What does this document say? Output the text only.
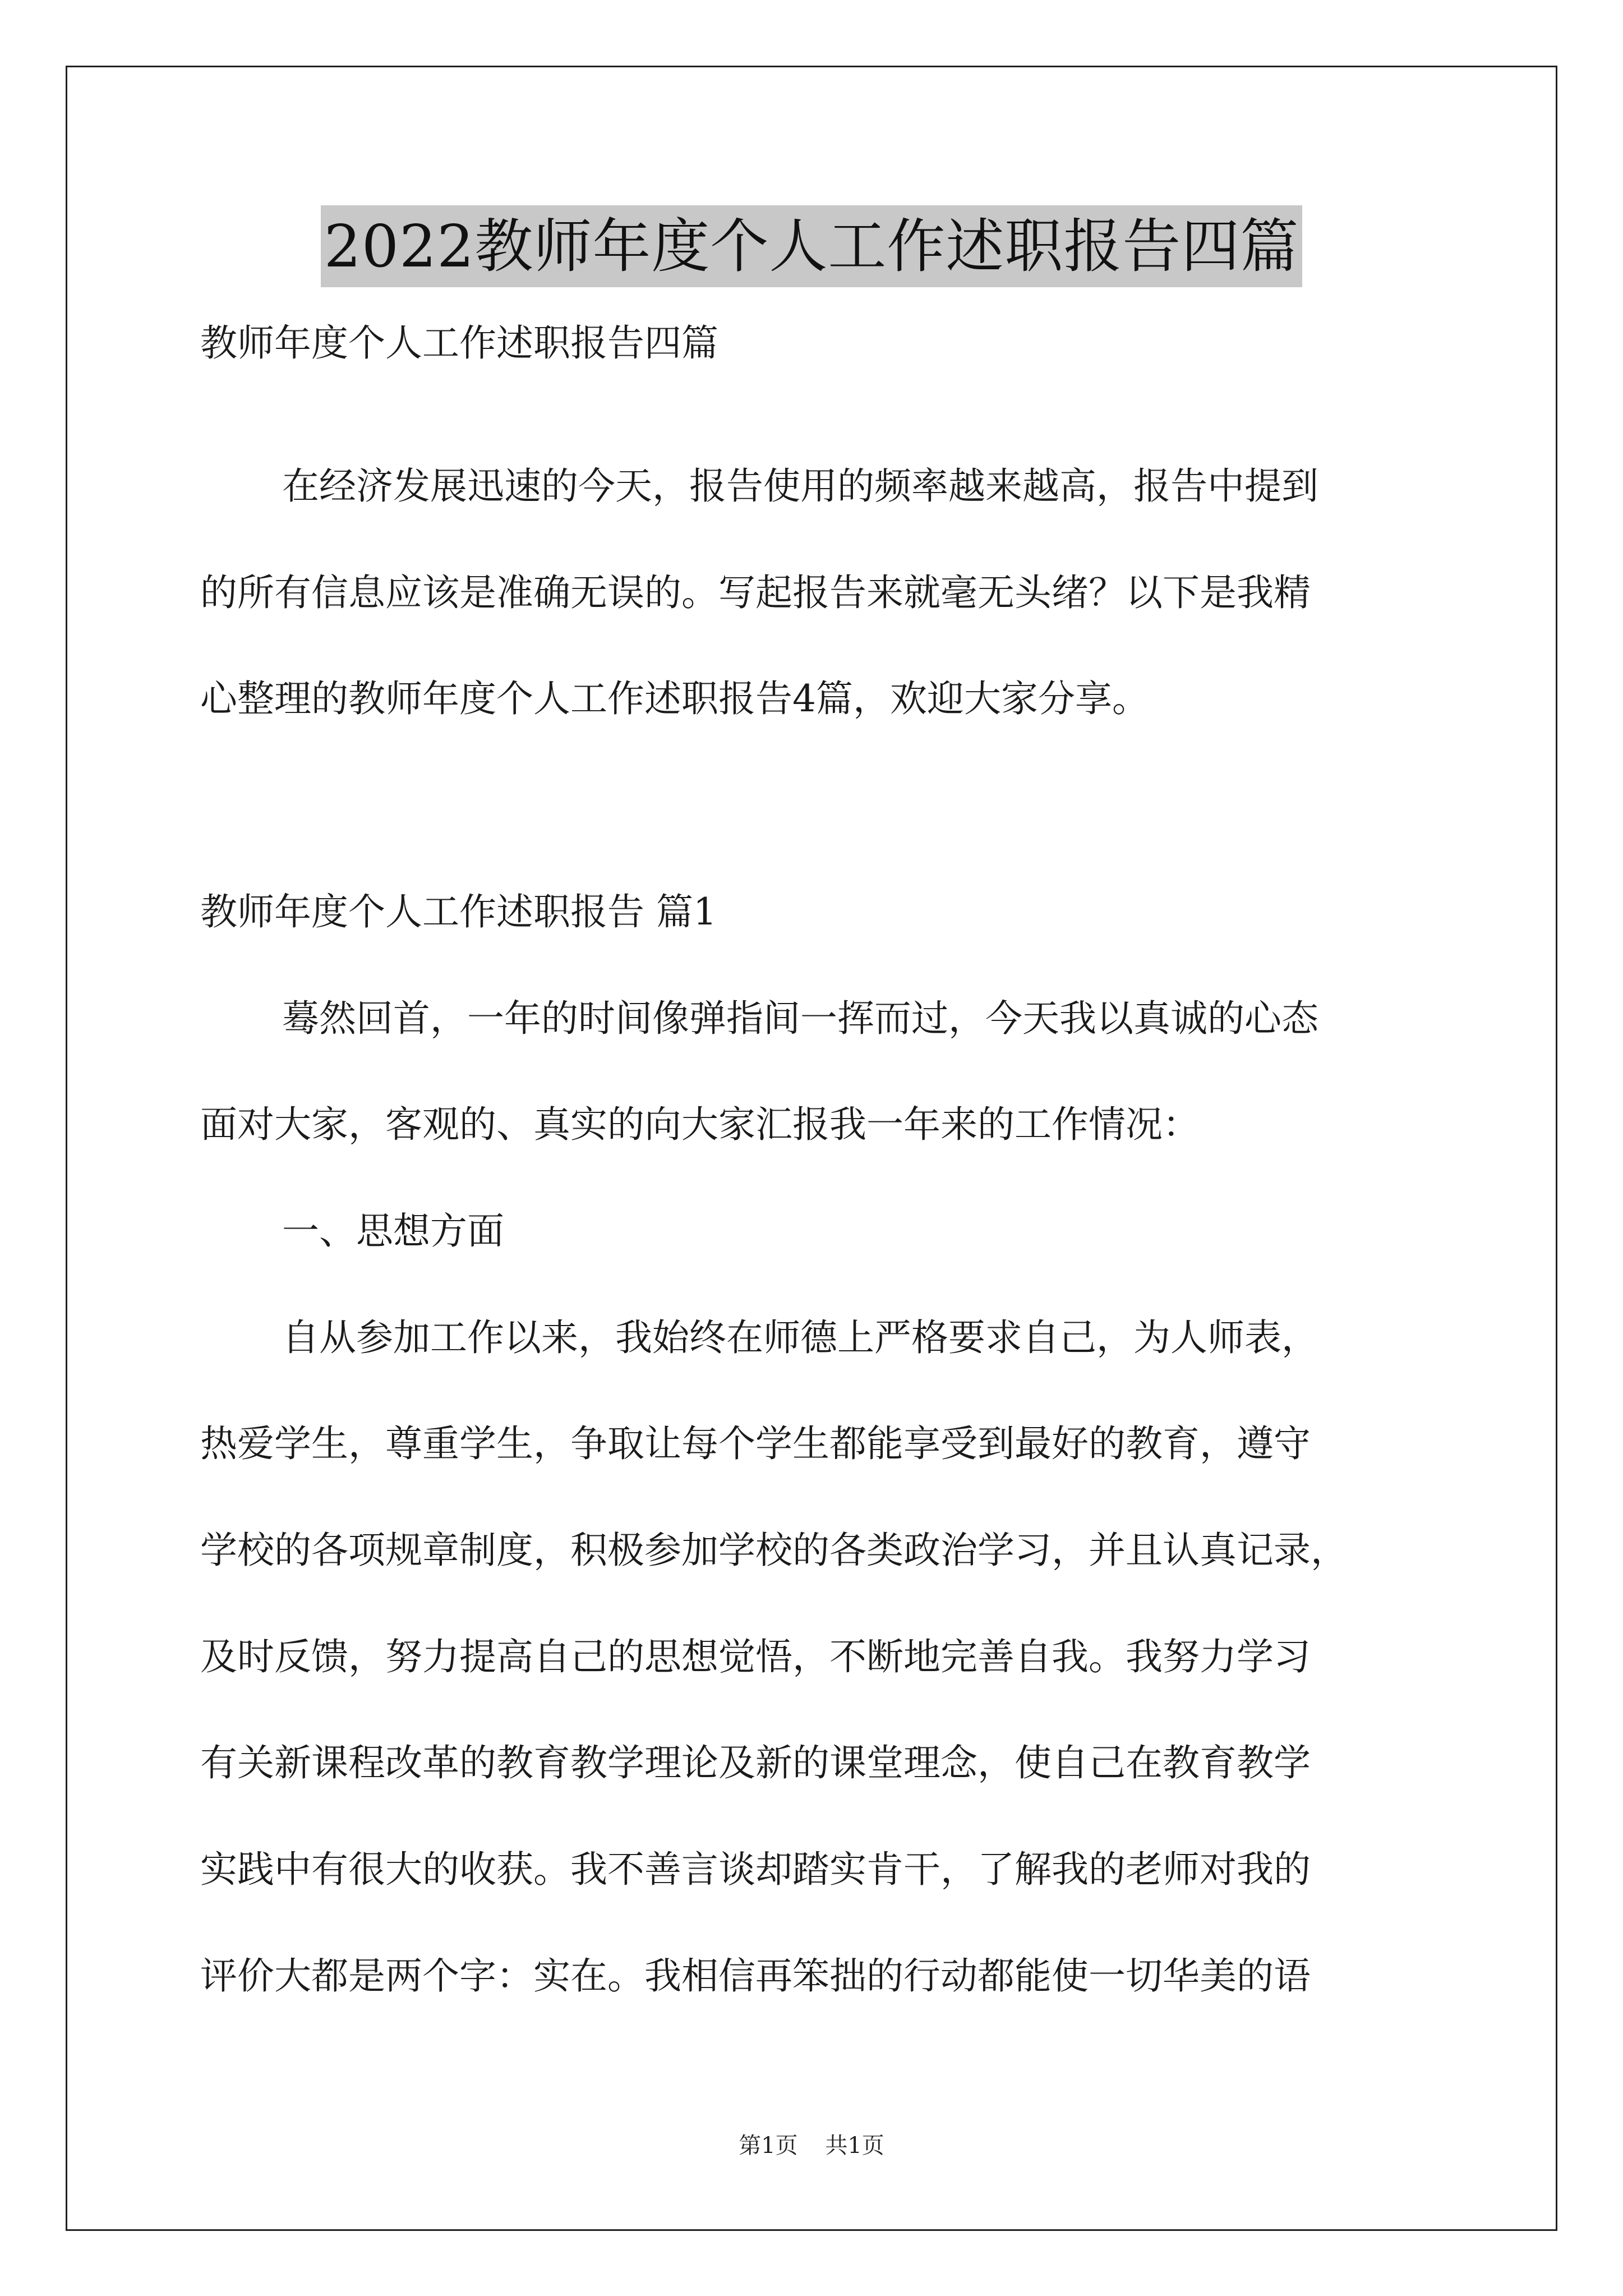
2022教师年度个人工作述职报告四篇
教师年度个人工作述职报告四篇
在经济发展迅速的今天，报告使用的频率越来越高，报告中提到
的所有信息应该是准确无误的。写起报告来就毫无头绪？以下是我精
心整理的教师年度个人工作述职报告4篇，欢迎大家分享。
教师年度个人工作述职报告 篇1
蓦然回首，一年的时间像弹指间一挥而过，今天我以真诚的心态
面对大家，客观的、真实的向大家汇报我一年来的工作情况：
一、思想方面
自从参加工作以来，我始终在师德上严格要求自己，为人师表，
热爱学生，尊重学生，争取让每个学生都能享受到最好的教育，遵守
学校的各项规章制度，积极参加学校的各类政治学习，并且认真记录，
及时反馈，努力提高自己的思想觉悟，不断地完善自我。我努力学习
有关新课程改革的教育教学理论及新的课堂理念，使自己在教育教学
实践中有很大的收获。我不善言谈却踏实肯干，了解我的老师对我的
评价大都是两个字：实在。我相信再笨拙的行动都能使一切华美的语
第1页 共1页
